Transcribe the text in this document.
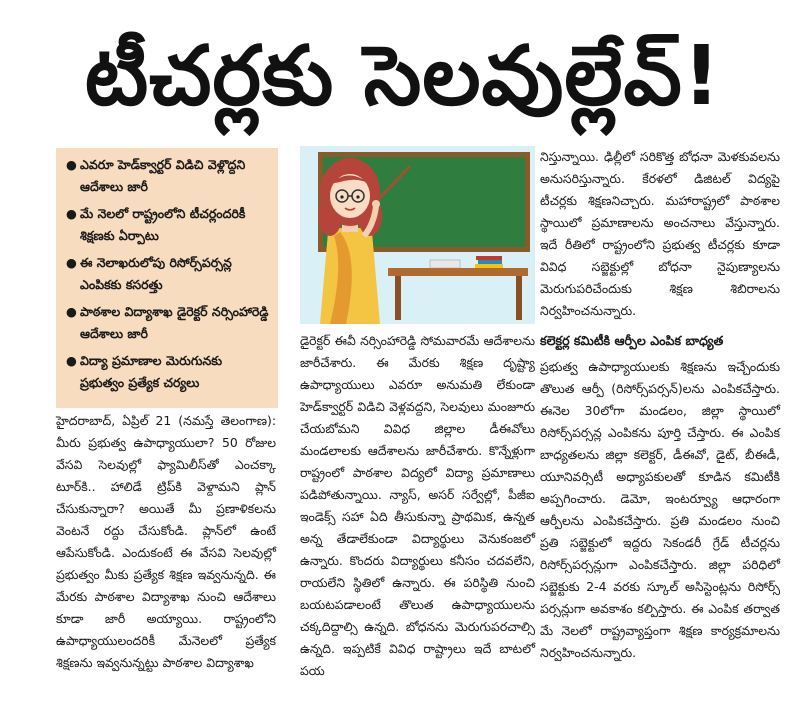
టీచర్లకు సెలవుల్లేవ్!
● ఎవరూ హెడ్‌క్వార్టర్ విడిచి వెళ్లొద్దని ఆదేశాలు జారీ
● మే నెలలో రాష్ట్రంలోని టీచర్లందరికీ శిక్షణకు ఏర్పాటు
● ఈ నెలాఖరులోపు రిసోర్స్‌పర్సన్ల ఎంపికకు కసరత్తు
● పాఠశాల విద్యాశాఖ డైరెక్టర్ నర్సింహారెడ్డి ఆదేశాలు జారీ
● విద్యా ప్రమాణాల మెరుగునకు ప్రభుత్వం ప్రత్యేక చర్యలు

హైదరాబాద్, ఏప్రిల్ 21 (నమస్తే తెలంగాణ): మీరు ప్రభుత్వ ఉపాధ్యాయులా? 50 రోజుల వేసవి సెలవుల్లో ఫ్యామిలీస్‌తో ఎంచక్కా టూర్‌కి.. హాలిడే ట్రిప్‌కి వెళ్దామని ప్లాన్ చేసుకున్నారా? అయితే మీ ప్రణాళికలను వెంటనే రద్దు చేసుకోండి. ప్లాన్‌లో ఉంటే ఆపేసుకోండి. ఎందుకంటే ఈ వేసవి సెలవుల్లో ప్రభుత్వం మీకు ప్రత్యేక శిక్షణ ఇవ్వనున్నది. ఈ మేరకు పాఠశాల విద్యాశాఖ నుంచి ఆదేశాలు కూడా జారీ అయ్యాయి. రాష్ట్రంలోని ఉపాధ్యాయులందరికీ మేనెలలో ప్రత్యేక శిక్షణను ఇవ్వనున్నట్టు పాఠశాల విద్యాశాఖ

డైరెక్టర్ ఈవీ నర్సింహారెడ్డి సోమవారమే ఆదేశాలను జారీచేశారు. ఈ మేరకు శిక్షణ దృష్ట్యా ఉపాధ్యాయులు ఎవరూ అనుమతి లేకుండా హెడ్‌క్వార్టర్ విడిచి వెళ్లవద్దని, సెలవులు మంజూరు చేయబోమని వివిధ జిల్లాల డీఈవోలు మండలాలకు ఆదేశాలను జారీచేశారు. కొన్నేళ్లుగా రాష్ట్రంలో పాఠశాల విద్యలో విద్యా ప్రమాణాలు పడిపోతున్నాయి. న్యాస్, అసర్ సర్వేల్లో, పీజీఐ ఇండెక్స్ సహా ఏది తీసుకున్నా ప్రాథమిక, ఉన్నత అన్న తేడాలేకుండా విద్యార్థులు వెనుకంజలో ఉన్నారు. కొందరు విద్యార్థులు కనీసం చదవలేని, రాయలేని స్థితిలో ఉన్నారు. ఈ పరిస్థితి నుంచి బయటపడాలంటే తొలుత ఉపాధ్యాయులను చక్కదిద్దాల్సి ఉన్నది. బోధనను మెరుగుపరచాల్సి ఉన్నది. ఇప్పటికే వివిధ రాష్ట్రాలు ఇదే బాటలో పయ

నిస్తున్నాయి. ఢిల్లీలో సరికొత్త బోధనా మెళకువలను అనుసరిస్తున్నారు. కేరళలో డిజిటల్ విద్యపై టీచర్లకు శిక్షణనిచ్చారు. మహారాష్ట్రలో పాఠశాల స్థాయిలో ప్రమాణాలను అంచనాలు వేస్తున్నారు. ఇదే రీతిలో రాష్ట్రంలోని ప్రభుత్వ టీచర్లకు కూడా వివిధ సబ్జెక్టుల్లో బోధనా నైపుణ్యాలను మెరుగుపరిచేందుకు శిక్షణ శిబిరాలను నిర్వహించనున్నారు.

కలెక్టర్ల కమిటీకి ఆర్పీల ఎంపిక బాధ్యత

ప్రభుత్వ ఉపాధ్యాయులకు శిక్షణను ఇచ్చేందుకు తొలుత ఆర్పీ (రిసోర్స్‌పర్సన్)లను ఎంపికచేస్తారు. ఈనెల 30లోగా మండలం, జిల్లా స్థాయిలో రిసోర్స్‌పర్సన్ల ఎంపికను పూర్తి చేస్తారు. ఈ ఎంపిక బాధ్యతలను జిల్లా కలెక్టర్, డీఈవో, డైట్, బీఈడీ, యూనివర్సిటీ అధ్యాపకులతో కూడిన కమిటీకి అప్పగించారు. డెమో, ఇంటర్వ్యూ ఆధారంగా ఆర్పీలను ఎంపికచేస్తారు. ప్రతి మండలం నుంచి ప్రతి సబ్జెక్టులో ఇద్దరు సెకండరీ గ్రేడ్ టీచర్లను రిసోర్స్‌పర్సన్లుగా ఎంపికచేస్తారు. జిల్లా పరిధిలో సబ్జెక్టుకు 2-4 వరకు స్కూల్ అసిస్టెంట్లను రిసోర్స్ పర్సన్లుగా అవకాశం కల్పిస్తారు. ఈ ఎంపిక తర్వాత మే నెలలో రాష్ట్రవ్యాప్తంగా శిక్షణ కార్యక్రమాలను నిర్వహించనున్నారు.
